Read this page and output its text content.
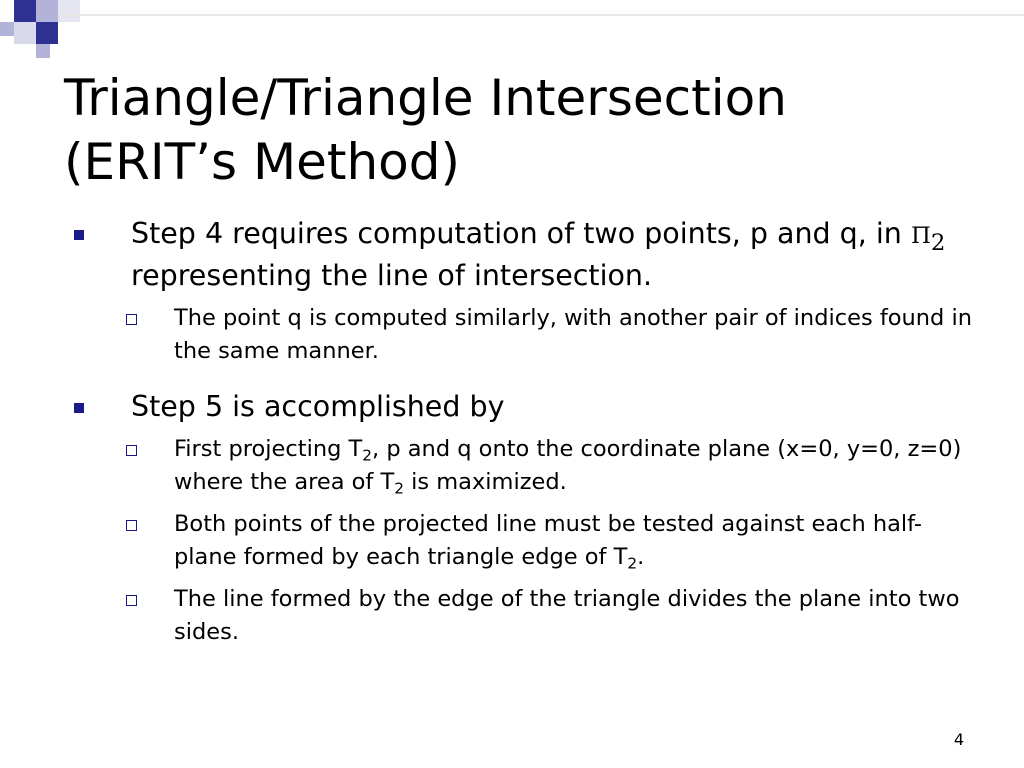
Triangle/Triangle Intersection
(ERIT’s Method)
Step 4 requires computation of two points, p and q, in $\Pi_2$ representing the line of intersection.
The point q is computed similarly, with another pair of indices found in the same manner.
Step 5 is accomplished by
First projecting $T_2$, p and q onto the coordinate plane (x=0, y=0, z=0) where the area of $T_2$ is maximized.
Both points of the projected line must be tested against each half-plane formed by each triangle edge of $T_2$.
The line formed by the edge of the triangle divides the plane into two sides.
4
